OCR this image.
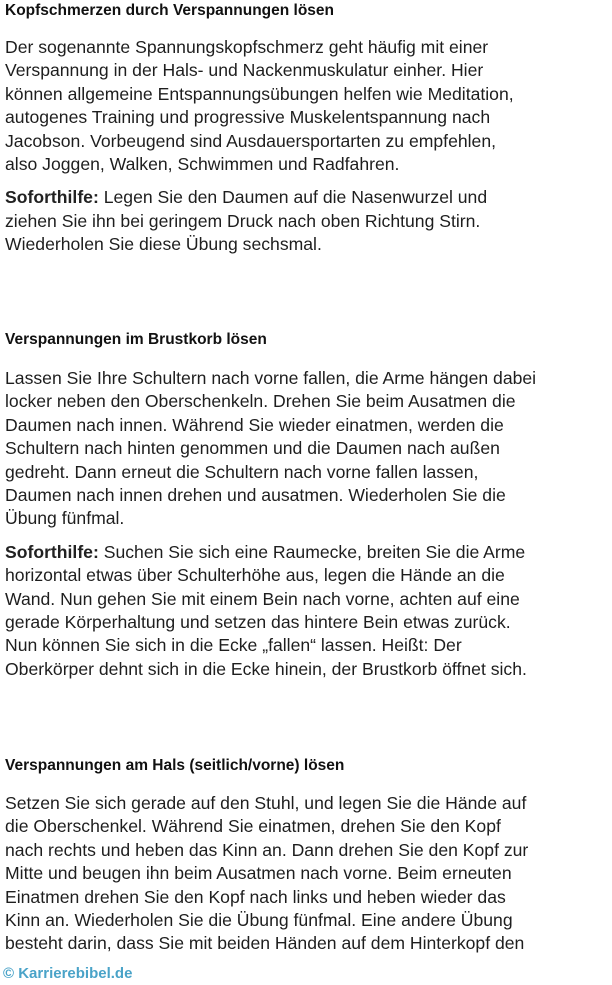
Kopfschmerzen durch Verspannungen lösen

Der sogenannte Spannungskopfschmerz geht häufig mit einer
Verspannung in der Hals- und Nackenmuskulatur einher. Hier
können allgemeine Entspannungsübungen helfen wie Meditation,
autogenes Training und progressive Muskelentspannung nach
Jacobson. Vorbeugend sind Ausdauersportarten zu empfehlen,
also Joggen, Walken, Schwimmen und Radfahren.

Soforthilfe: Legen Sie den Daumen auf die Nasenwurzel und
ziehen Sie ihn bei geringem Druck nach oben Richtung Stirn.
Wiederholen Sie diese Übung sechsmal.

Verspannungen im Brustkorb lösen

Lassen Sie Ihre Schultern nach vorne fallen, die Arme hängen dabei
locker neben den Oberschenkeln. Drehen Sie beim Ausatmen die
Daumen nach innen. Während Sie wieder einatmen, werden die
Schultern nach hinten genommen und die Daumen nach außen
gedreht. Dann erneut die Schultern nach vorne fallen lassen,
Daumen nach innen drehen und ausatmen. Wiederholen Sie die
Übung fünfmal.

Soforthilfe: Suchen Sie sich eine Raumecke, breiten Sie die Arme
horizontal etwas über Schulterhöhe aus, legen die Hände an die
Wand. Nun gehen Sie mit einem Bein nach vorne, achten auf eine
gerade Körperhaltung und setzen das hintere Bein etwas zurück.
Nun können Sie sich in die Ecke „fallen“ lassen. Heißt: Der
Oberkörper dehnt sich in die Ecke hinein, der Brustkorb öffnet sich.

Verspannungen am Hals (seitlich/vorne) lösen

Setzen Sie sich gerade auf den Stuhl, und legen Sie die Hände auf
die Oberschenkel. Während Sie einatmen, drehen Sie den Kopf
nach rechts und heben das Kinn an. Dann drehen Sie den Kopf zur
Mitte und beugen ihn beim Ausatmen nach vorne. Beim erneuten
Einatmen drehen Sie den Kopf nach links und heben wieder das
Kinn an. Wiederholen Sie die Übung fünfmal. Eine andere Übung
besteht darin, dass Sie mit beiden Händen auf dem Hinterkopf den

© Karrierebibel.de
